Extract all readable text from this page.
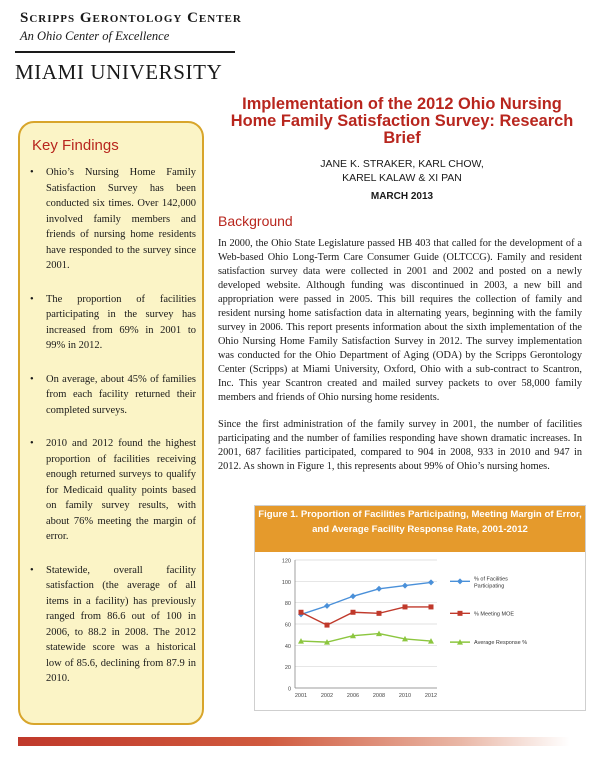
Scripps Gerontology Center
An Ohio Center of Excellence
MIAMI UNIVERSITY
Key Findings
• Ohio’s Nursing Home Family Satisfaction Survey has been conducted six times. Over 142,000 involved family members and friends of nursing home residents have responded to the survey since 2001.
• The proportion of facilities participating in the survey has increased from 69% in 2001 to 99% in 2012.
• On average, about 45% of families from each facility returned their completed surveys.
• 2010 and 2012 found the highest proportion of facilities receiving enough returned surveys to qualify for Medicaid quality points based on family survey results, with about 76% meeting the margin of error.
• Statewide, overall facility satisfaction (the average of all items in a facility) has previously ranged from 86.6 out of 100 in 2006, to 88.2 in 2008. The 2012 statewide score was a historical low of 85.6, declining from 87.9 in 2010.
Implementation of the 2012 Ohio Nursing Home Family Satisfaction Survey: Research Brief
JANE K. STRAKER, KARL CHOW,
KAREL KALAW & XI PAN
MARCH 2013
Background

In 2000, the Ohio State Legislature passed HB 403 that called for the development of a Web-based Ohio Long-Term Care Consumer Guide (OLTCCG). Family and resident satisfaction survey data were collected in 2001 and 2002 and posted on a newly developed website. Although funding was discontinued in 2003, a new bill and appropriation were passed in 2005. This bill requires the collection of family and resident nursing home satisfaction data in alternating years, beginning with the family survey in 2006. This report presents information about the sixth implementation of the Ohio Nursing Home Family Satisfaction Survey in 2012. The survey implementation was conducted for the Ohio Department of Aging (ODA) by the Scripps Gerontology Center (Scripps) at Miami University, Oxford, Ohio with a sub-contract to Scantron, Inc. This year Scantron created and mailed survey packets to over 58,000 family members and friends of Ohio nursing home residents.

Since the first administration of the family survey in 2001, the number of facilities participating and the number of families responding have shown dramatic increases. In 2001, 687 facilities participated, compared to 904 in 2008, 933 in 2010 and 947 in 2012. As shown in Figure 1, this represents about 99% of Ohio’s nursing homes.

Figure 1. Proportion of Facilities Participating, Meeting Margin of Error, and Average Facility Response Rate, 2001-2012
0
20
40
60
80
100
120
2001	2002	2006	2008	2010	2012
% of Facilities
Participating
% Meeting MOE
Average Response %
